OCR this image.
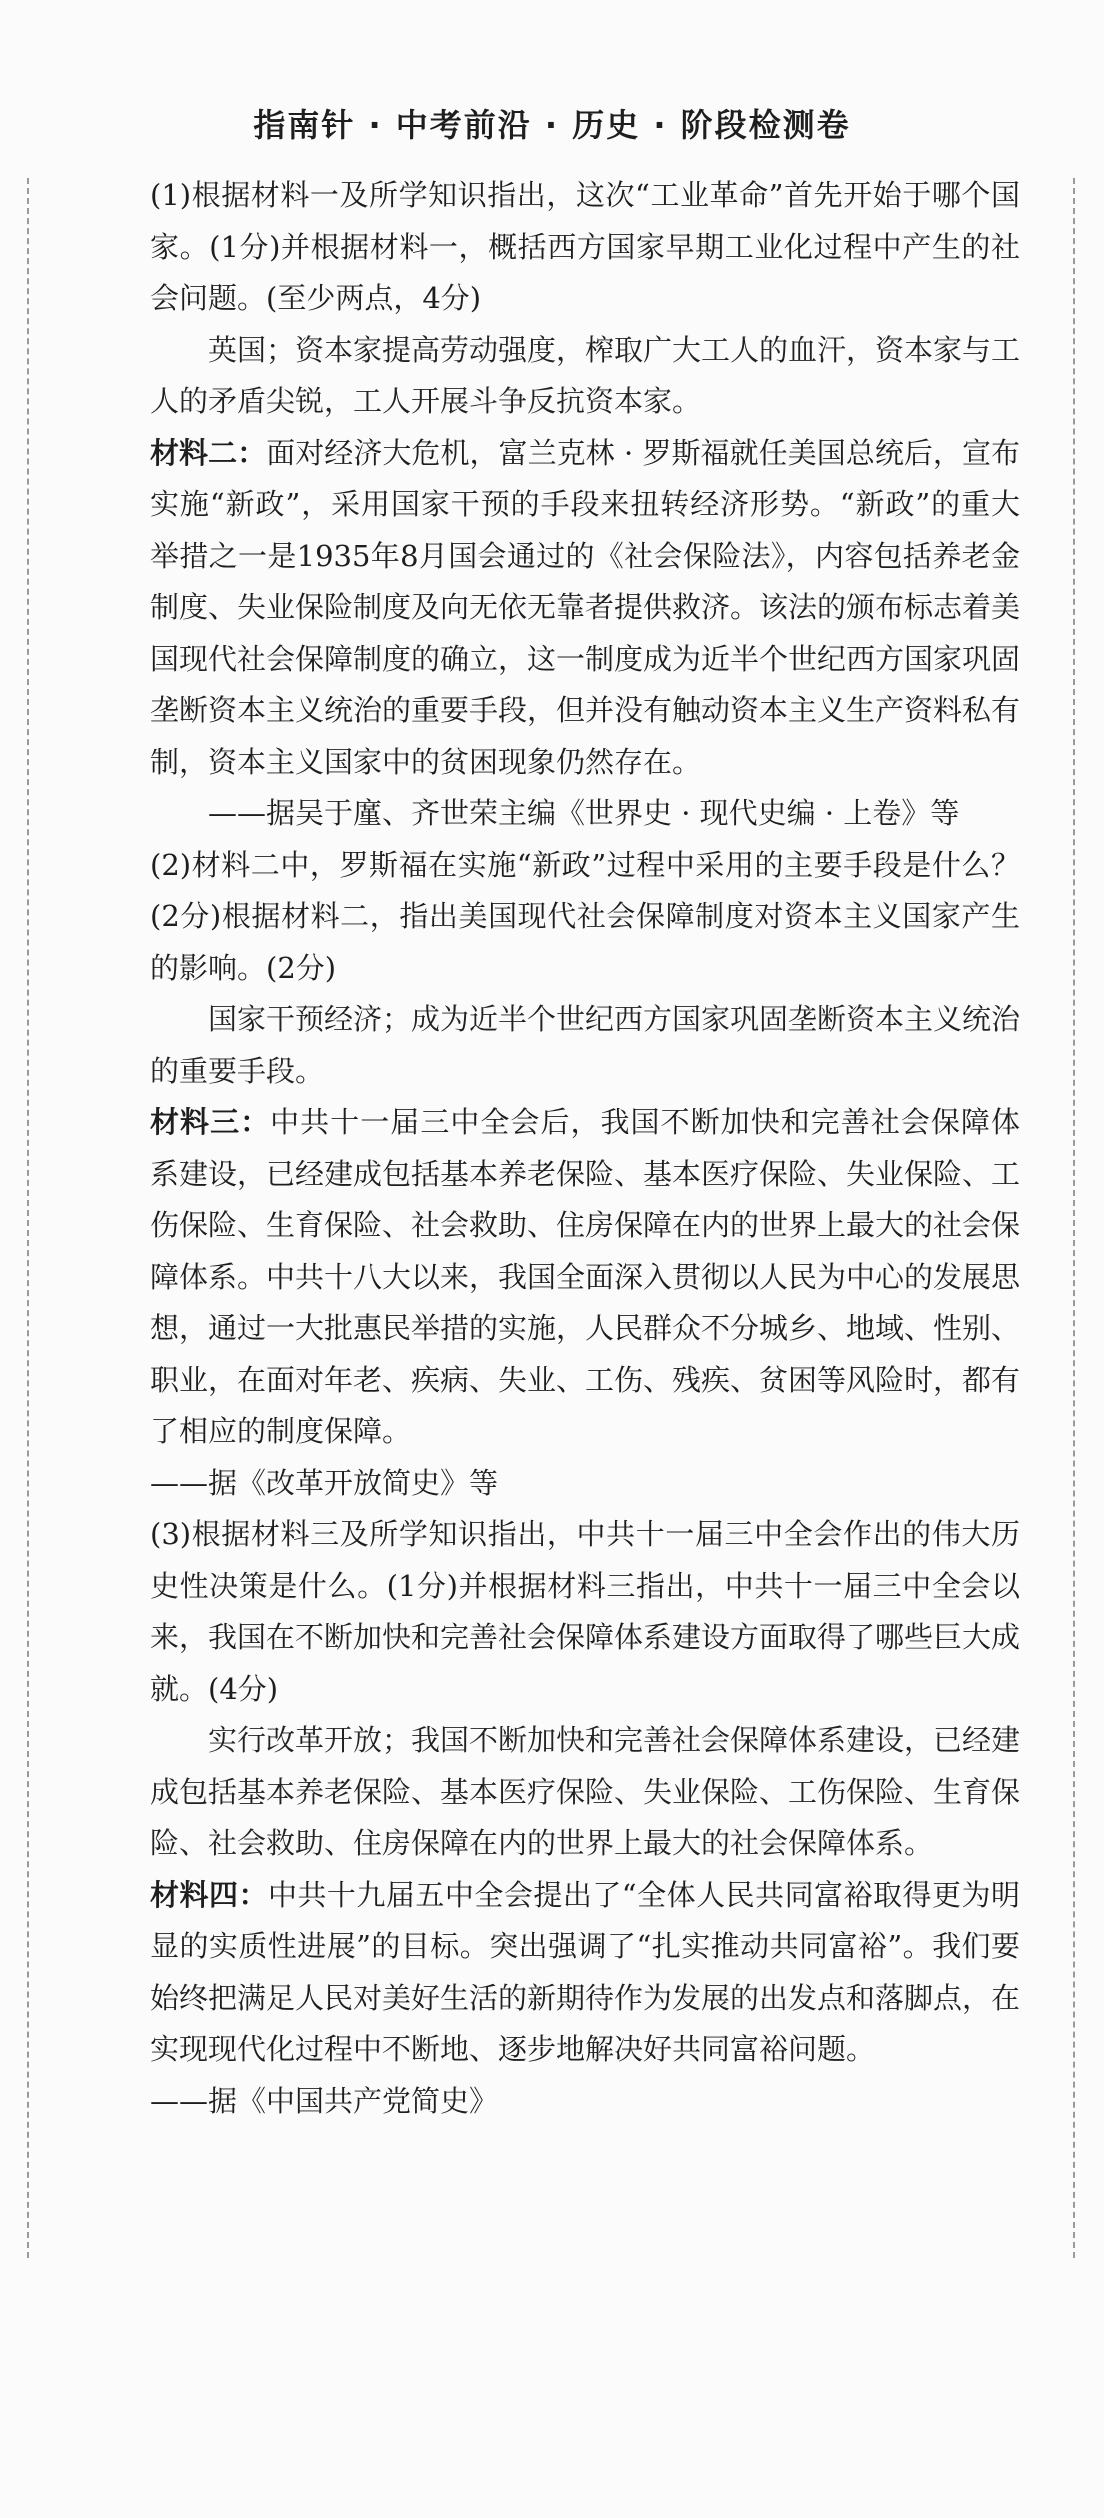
指南针 · 中考前沿 · 历史 · 阶段检测卷

(1)根据材料一及所学知识指出，这次“工业革命”首先开始于哪个国家。(1分)并根据材料一，概括西方国家早期工业化过程中产生的社会问题。(至少两点，4分)

英国；资本家提高劳动强度，榨取广大工人的血汗，资本家与工人的矛盾尖锐，工人开展斗争反抗资本家。

材料二：面对经济大危机，富兰克林 · 罗斯福就任美国总统后，宣布实施“新政”，采用国家干预的手段来扭转经济形势。“新政”的重大举措之一是1935年8月国会通过的《社会保险法》，内容包括养老金制度、失业保险制度及向无依无靠者提供救济。该法的颁布标志着美国现代社会保障制度的确立，这一制度成为近半个世纪西方国家巩固垄断资本主义统治的重要手段，但并没有触动资本主义生产资料私有制，资本主义国家中的贫困现象仍然存在。

——据吴于廑、齐世荣主编《世界史 · 现代史编 · 上卷》等

(2)材料二中，罗斯福在实施“新政”过程中采用的主要手段是什么？(2分)根据材料二，指出美国现代社会保障制度对资本主义国家产生的影响。(2分)

国家干预经济；成为近半个世纪西方国家巩固垄断资本主义统治的重要手段。

材料三：中共十一届三中全会后，我国不断加快和完善社会保障体系建设，已经建成包括基本养老保险、基本医疗保险、失业保险、工伤保险、生育保险、社会救助、住房保障在内的世界上最大的社会保障体系。中共十八大以来，我国全面深入贯彻以人民为中心的发展思想，通过一大批惠民举措的实施，人民群众不分城乡、地域、性别、职业，在面对年老、疾病、失业、工伤、残疾、贫困等风险时，都有了相应的制度保障。

——据《改革开放简史》等

(3)根据材料三及所学知识指出，中共十一届三中全会作出的伟大历史性决策是什么。(1分)并根据材料三指出，中共十一届三中全会以来，我国在不断加快和完善社会保障体系建设方面取得了哪些巨大成就。(4分)

实行改革开放；我国不断加快和完善社会保障体系建设，已经建成包括基本养老保险、基本医疗保险、失业保险、工伤保险、生育保险、社会救助、住房保障在内的世界上最大的社会保障体系。

材料四：中共十九届五中全会提出了“全体人民共同富裕取得更为明显的实质性进展”的目标。突出强调了“扎实推动共同富裕”。我们要始终把满足人民对美好生活的新期待作为发展的出发点和落脚点，在实现现代化过程中不断地、逐步地解决好共同富裕问题。

——据《中国共产党简史》
